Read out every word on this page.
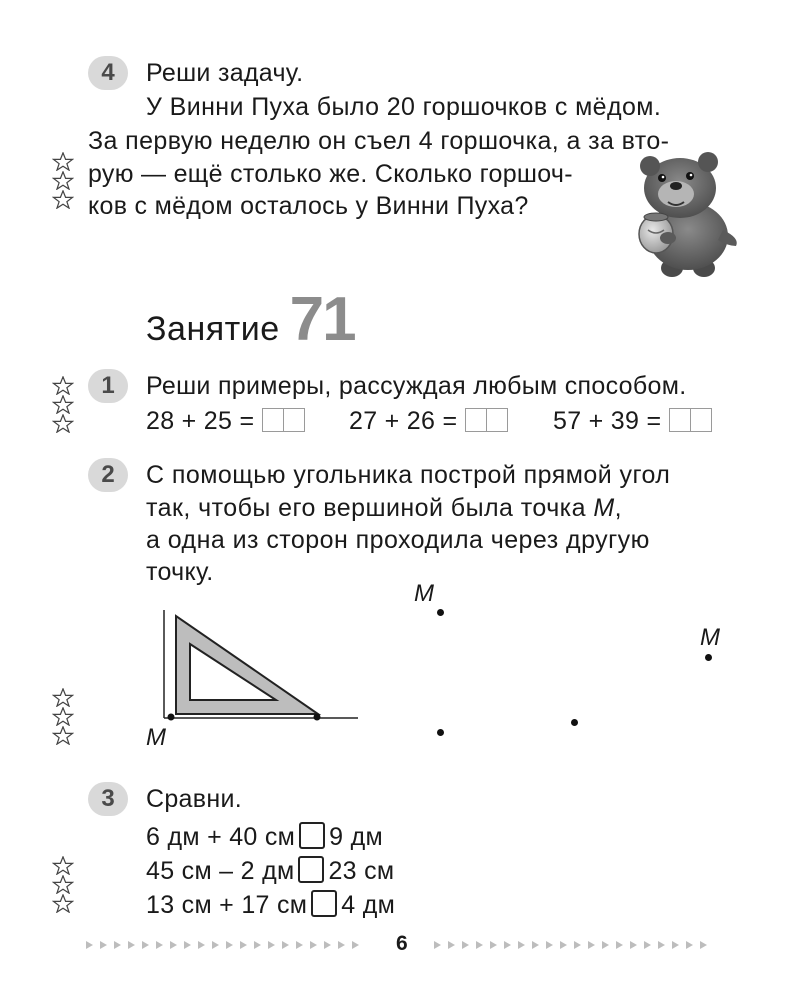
4	Реши задачу.
У Винни Пуха было 20 горшочков с мёдом.
За первую неделю он съел 4 горшочка, а за вто-
рую — ещё столько же. Сколько горшоч-
ков с мёдом осталось у Винни Пуха?
Занятие 71
1	Реши примеры, рассуждая любым способом.
28 + 25 =	27 + 26 =	57 + 39 =
2	С помощью угольника построй прямой угол
так, чтобы его вершиной была точка M,
а одна из сторон проходила через другую
точку.
M
M
M
3	Сравни.
6 дм + 40 см 9 дм
45 см – 2 дм 23 см
13 см + 17 см 4 дм
6
